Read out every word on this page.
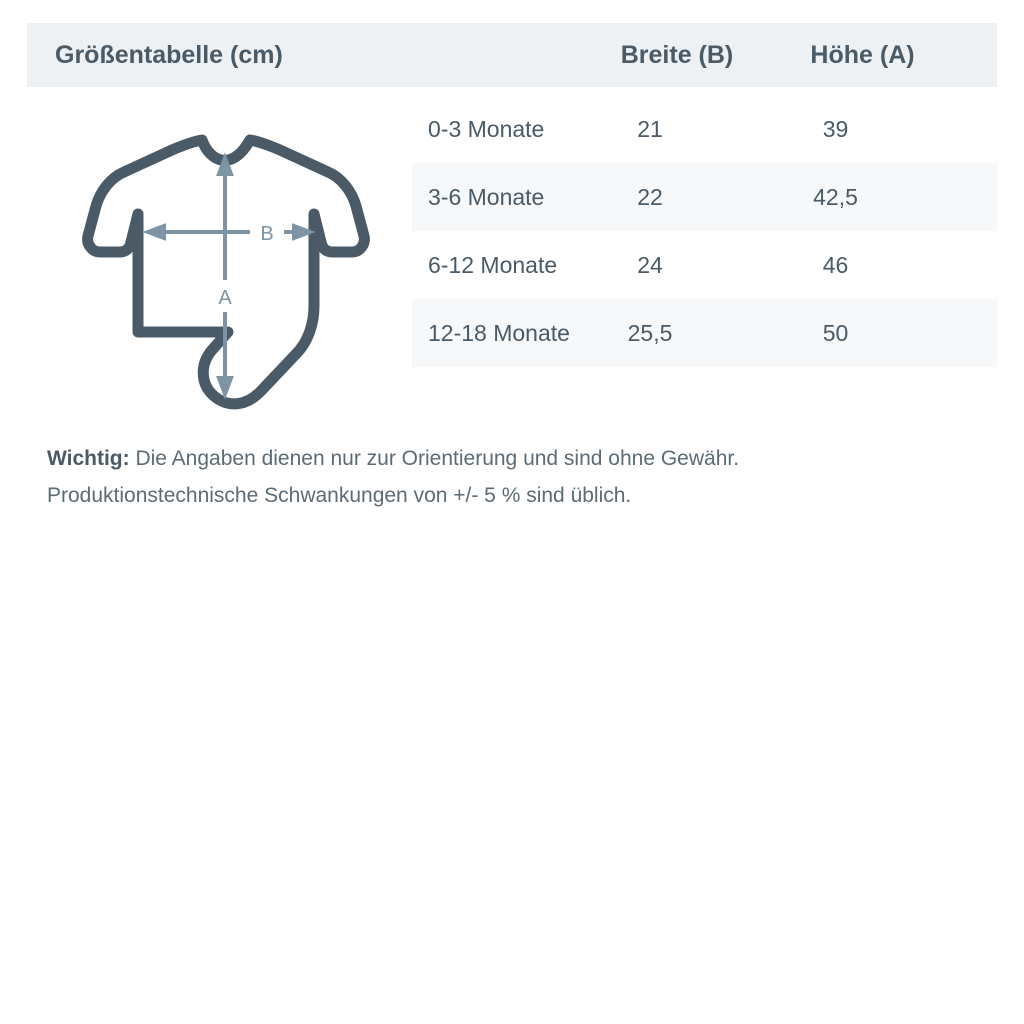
Größentabelle (cm)	Breite (B)	Höhe (A)
B
A
0-3 Monate	21	39
3-6 Monate	22	42,5
6-12 Monate	24	46
12-18 Monate	25,5	50
Wichtig: Die Angaben dienen nur zur Orientierung und sind ohne Gewähr.
Produktionstechnische Schwankungen von +/- 5 % sind üblich.
